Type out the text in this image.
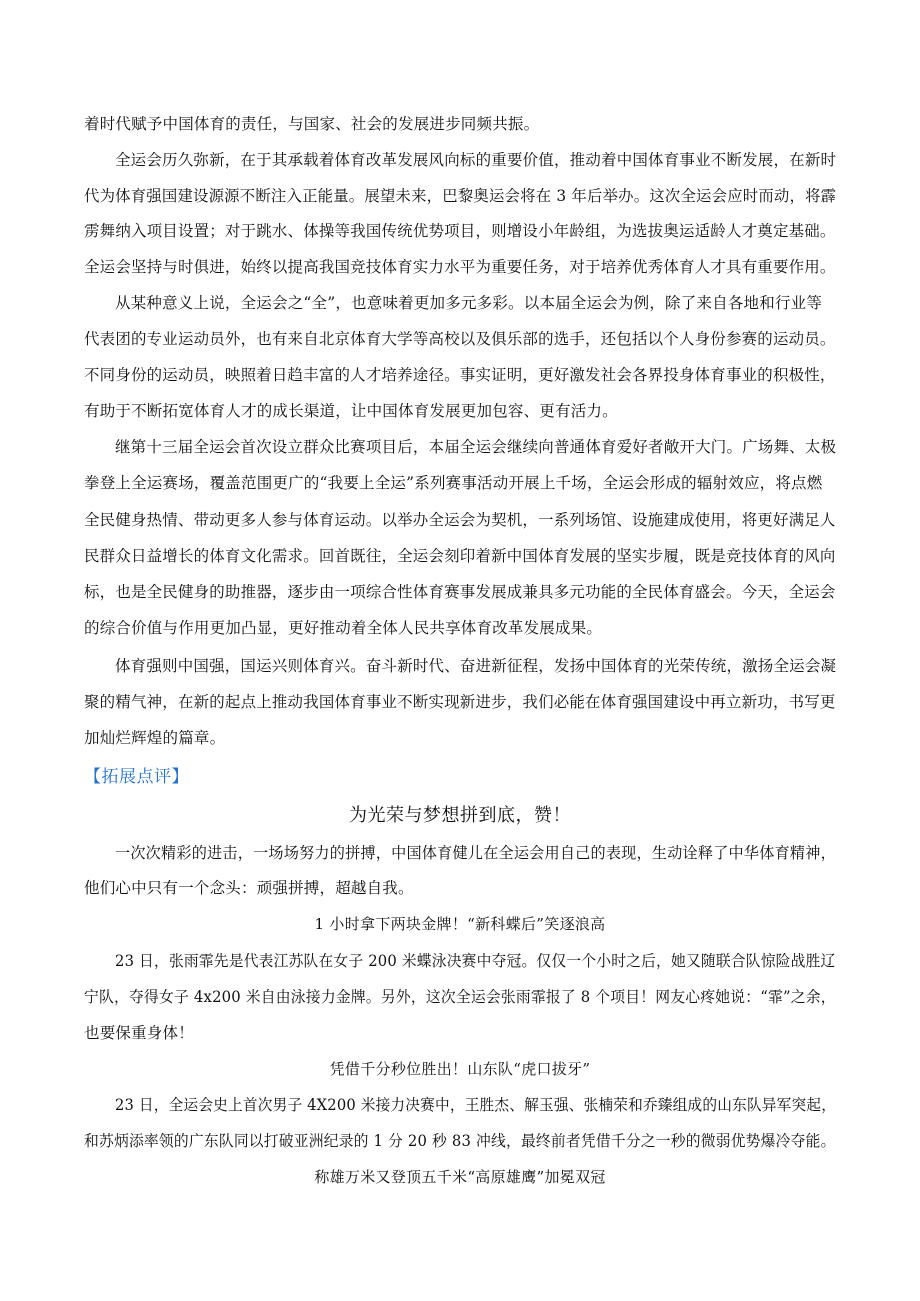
着时代赋予中国体育的责任，与国家、社会的发展进步同频共振。
全运会历久弥新，在于其承载着体育改革发展风向标的重要价值，推动着中国体育事业不断发展，在新时
代为体育强国建设源源不断注入正能量。展望未来，巴黎奥运会将在 3 年后举办。这次全运会应时而动，将霹
雳舞纳入项目设置；对于跳水、体操等我国传统优势项目，则增设小年龄组，为选拔奥运适龄人才奠定基础。
全运会坚持与时俱进，始终以提高我国竞技体育实力水平为重要任务，对于培养优秀体育人才具有重要作用。
从某种意义上说，全运会之“全”，也意味着更加多元多彩。以本届全运会为例，除了来自各地和行业等
代表团的专业运动员外，也有来自北京体育大学等高校以及俱乐部的选手，还包括以个人身份参赛的运动员。
不同身份的运动员，映照着日趋丰富的人才培养途径。事实证明，更好激发社会各界投身体育事业的积极性，
有助于不断拓宽体育人才的成长渠道，让中国体育发展更加包容、更有活力。
继第十三届全运会首次设立群众比赛项目后，本届全运会继续向普通体育爱好者敞开大门。广场舞、太极
拳登上全运赛场，覆盖范围更广的“我要上全运”系列赛事活动开展上千场，全运会形成的辐射效应，将点燃
全民健身热情、带动更多人参与体育运动。以举办全运会为契机，一系列场馆、设施建成使用，将更好满足人
民群众日益增长的体育文化需求。回首既往，全运会刻印着新中国体育发展的坚实步履，既是竞技体育的风向
标，也是全民健身的助推器，逐步由一项综合性体育赛事发展成兼具多元功能的全民体育盛会。今天，全运会
的综合价值与作用更加凸显，更好推动着全体人民共享体育改革发展成果。
体育强则中国强，国运兴则体育兴。奋斗新时代、奋进新征程，发扬中国体育的光荣传统，激扬全运会凝
聚的精气神，在新的起点上推动我国体育事业不断实现新进步，我们必能在体育强国建设中再立新功，书写更
加灿烂辉煌的篇章。
【拓展点评】
为光荣与梦想拼到底，赞！
一次次精彩的进击，一场场努力的拼搏，中国体育健儿在全运会用自己的表现，生动诠释了中华体育精神，
他们心中只有一个念头：顽强拼搏，超越自我。
1 小时拿下两块金牌！“新科蝶后”笑逐浪高
23 日，张雨霏先是代表江苏队在女子 200 米蝶泳决赛中夺冠。仅仅一个小时之后，她又随联合队惊险战胜辽
宁队，夺得女子 4x200 米自由泳接力金牌。另外，这次全运会张雨霏报了 8 个项目！网友心疼她说：“霏”之余，
也要保重身体！
凭借千分秒位胜出！山东队“虎口拔牙”
23 日，全运会史上首次男子 4X200 米接力决赛中，王胜杰、解玉强、张楠荣和乔臻组成的山东队异军突起，
和苏炳添率领的广东队同以打破亚洲纪录的 1 分 20 秒 83 冲线，最终前者凭借千分之一秒的微弱优势爆冷夺能。
称雄万米又登顶五千米“高原雄鹰”加冕双冠
